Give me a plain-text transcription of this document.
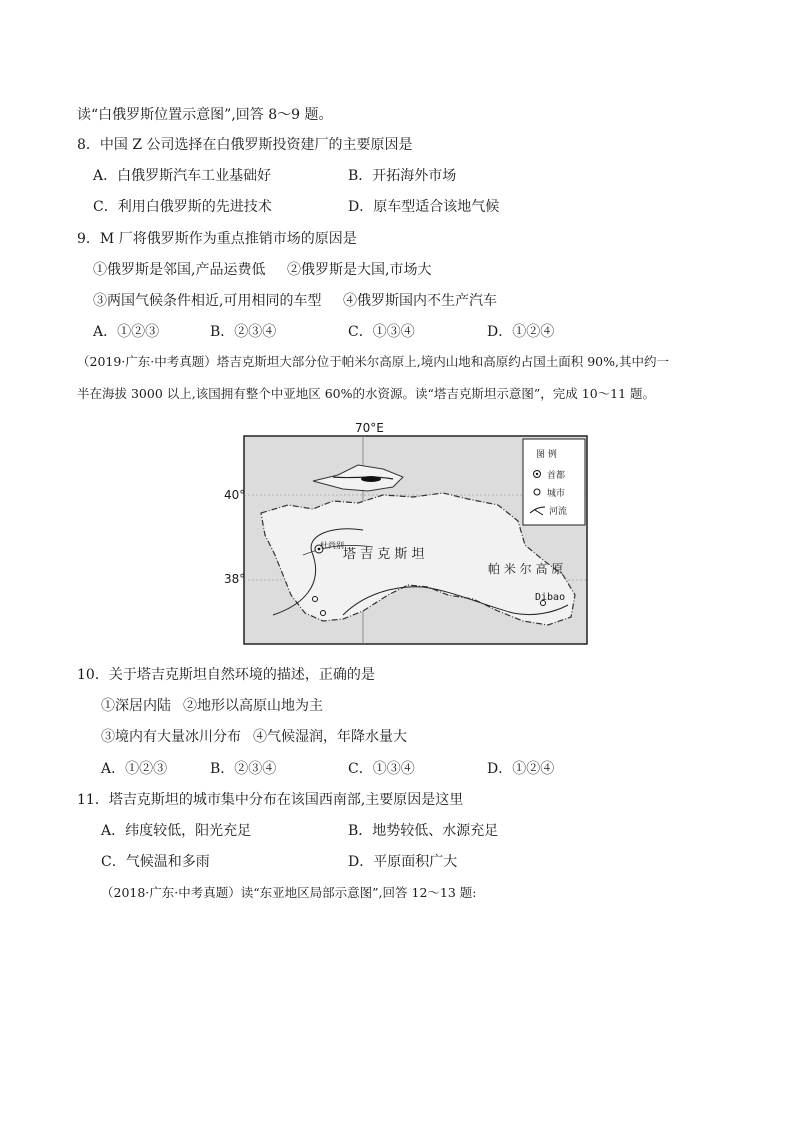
读“白俄罗斯位置示意图”,回答 8～9 题。
8．中国 Z 公司选择在白俄罗斯投资建厂的主要原因是
A．白俄罗斯汽车工业基础好	B．开拓海外市场
C．利用白俄罗斯的先进技术	D．原车型适合该地气候
9．M 厂将俄罗斯作为重点推销市场的原因是
①俄罗斯是邻国,产品运费低 ②俄罗斯是大国,市场大
③两国气候条件相近,可用相同的车型 ④俄罗斯国内不生产汽车
A．①②③	B．②③④	C．①③④	D．①②④
（2019·广东·中考真题）塔吉克斯坦大部分位于帕米尔高原上,境内山地和高原约占国土面积 90%,其中约一
半在海拔 3000 以上,该国拥有整个中亚地区 60%的水资源。读“塔吉克斯坦示意图”，完成 10～11 题。
70°E
杜尚别
塔 吉 克 斯 坦
帕 米 尔 高 原
Dibao
图 例
首都
城市
河流
40°
38°
10．关于塔吉克斯坦自然环境的描述，正确的是
①深居内陆 ②地形以高原山地为主
③境内有大量冰川分布 ④气候湿润，年降水量大
A．①②③	B．②③④	C．①③④	D．①②④
11．塔吉克斯坦的城市集中分布在该国西南部,主要原因是这里
A．纬度较低，阳光充足	B．地势较低、水源充足
C．气候温和多雨	D．平原面积广大
（2018·广东·中考真题）读“东亚地区局部示意图”,回答 12～13 题:
